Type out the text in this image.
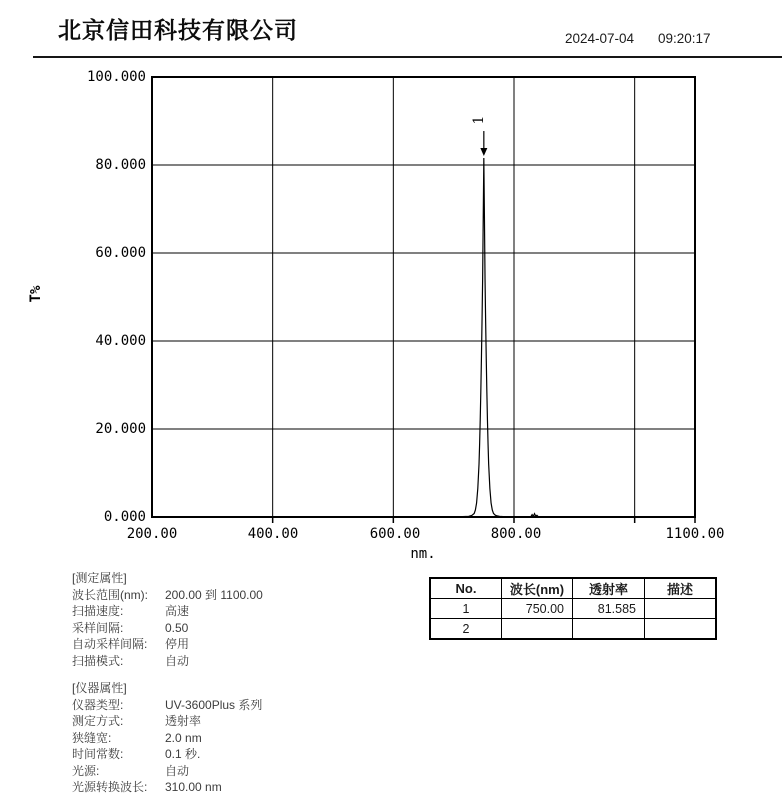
北京信田科技有限公司	2024-07-04 09:20:17
100.000
80.000
60.000
40.000
20.000
0.000
200.00	400.00	600.00	800.00	1100.00
nm.
T%
1
[测定属性]
波长范围(nm):	200.00 到 1100.00
扫描速度:	高速
采样间隔:	0.50
自动采样间隔:	停用
扫描模式:	自动
[仪器属性]
仪器类型:	UV-3600Plus 系列
测定方式:	透射率
狭缝宽:	2.0 nm
时间常数:	0.1 秒.
光源:	自动
光源转换波长:	310.00 nm
No.	波长(nm)	透射率	描述
1	750.00	81.585	
2			
